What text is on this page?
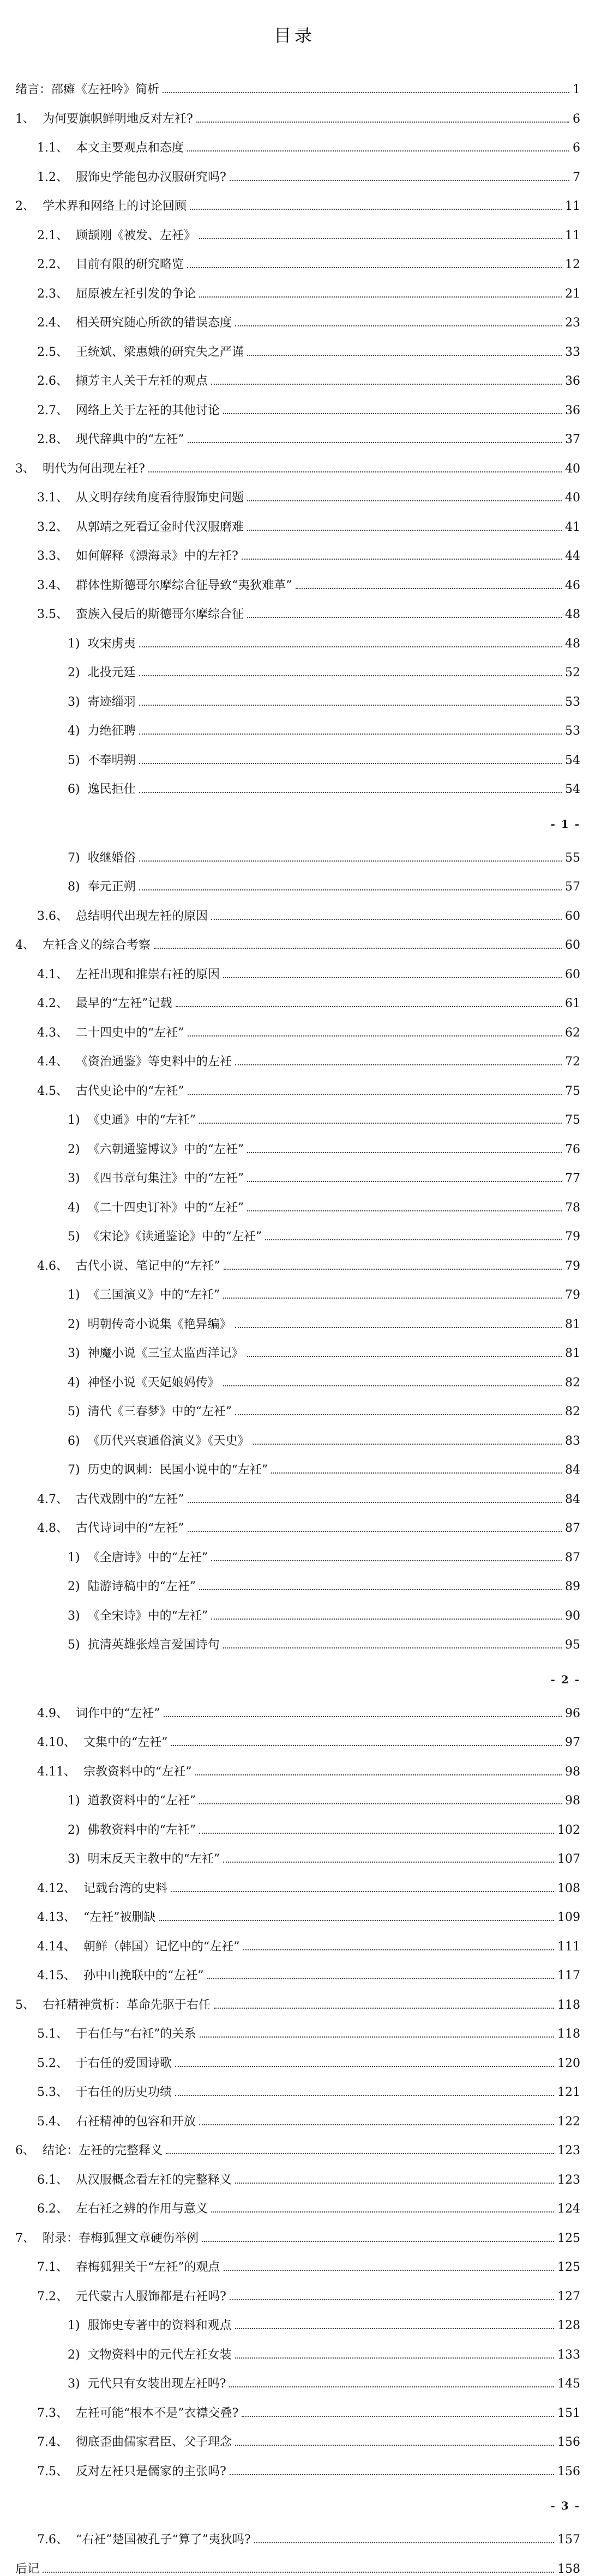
目录
绪言：邵瘫《左衽吟》简析	1
1、 为何要旗帜鲜明地反对左衽?	6
1.1、 本文主要观点和态度	6
1.2、 服饰史学能包办汉服研究吗?	7
2、 学术界和网络上的讨论回顾	11
2.1、 顾颉刚《被发、左衽》	11
2.2、 目前有限的研究略览	12
2.3、 屈原被左衽引发的争论	21
2.4、 相关研究随心所欲的错误态度	23
2.5、 王统斌、梁惠娥的研究失之严谨	33
2.6、 撷芳主人关于左衽的观点	36
2.7、 网络上关于左衽的其他讨论	36
2.8、 现代辞典中的“左衽”	37
3、 明代为何出现左衽?	40
3.1、 从文明存续角度看待服饰史问题	40
3.2、 从郭靖之死看辽金时代汉服磨难	41
3.3、 如何解释《漂海录》中的左衽?	44
3.4、 群体性斯德哥尔摩综合征导致“夷狄难革”	46
3.5、 蛮族入侵后的斯德哥尔摩综合征	48
1) 攻宋虏夷	48
2) 北投元廷	52
3) 寄迹缁羽	53
4) 力绝征聘	53
5) 不奉明朔	54
6) 逸民拒仕	54
7) 收继婚俗	55
8) 奉元正朔	57
3.6、 总结明代出现左衽的原因	60
4、 左衽含义的综合考察	60
4.1、 左衽出现和推崇右衽的原因	60
4.2、 最早的“左衽”记载	61
4.3、 二十四史中的“左衽”	62
4.4、 《资治通鉴》等史料中的左衽	72
4.5、 古代史论中的“左衽”	75
1) 《史通》中的“左衽”	75
2) 《六朝通鉴博议》中的“左衽”	76
3) 《四书章句集注》中的“左衽”	77
4) 《二十四史订补》中的“左衽”	78
5) 《宋论》《读通鉴论》中的“左衽”	79
4.6、 古代小说、笔记中的“左衽”	79
1) 《三国演义》中的“左衽”	79
2) 明朝传奇小说集《艳异编》	81
3) 神魔小说《三宝太监西洋记》	81
4) 神怪小说《天妃娘妈传》	82
5) 清代《三春梦》中的“左衽”	82
6) 《历代兴衰通俗演义》《天史》	83
7) 历史的讽刺：民国小说中的“左衽”	84
4.7、 古代戏剧中的“左衽”	84
4.8、 古代诗词中的“左衽”	87
1) 《全唐诗》中的“左衽”	87
2) 陆游诗稿中的“左衽”	89
3) 《全宋诗》中的“左衽”	90
5) 抗清英雄张煌言爱国诗句	95
4.9、 词作中的“左衽”	96
4.10、 文集中的“左衽”	97
4.11、 宗教资料中的“左衽”	98
1) 道教资料中的“左衽”	98
2) 佛教资料中的“左衽”	102
3) 明末反天主教中的“左衽”	107
4.12、 记载台湾的史料	108
4.13、 “左衽”被删缺	109
4.14、 朝鲜（韩国）记忆中的“左衽”	111
4.15、 孙中山挽联中的“左衽”	117
5、 右衽精神赏析：革命先驱于右任	118
5.1、 于右任与“右衽”的关系	118
5.2、 于右任的爱国诗歌	120
5.3、 于右任的历史功绩	121
5.4、 右衽精神的包容和开放	122
6、 结论：左衽的完整释义	123
6.1、 从汉服概念看左衽的完整释义	123
6.2、 左右衽之辨的作用与意义	124
7、 附录：春梅狐狸文章硬伤举例	125
7.1、 春梅狐狸关于“左衽”的观点	125
7.2、 元代蒙古人服饰都是右衽吗?	127
1) 服饰史专著中的资料和观点	128
2) 文物资料中的元代左衽女装	133
3) 元代只有女装出现左衽吗?	145
7.3、 左衽可能“根本不是”衣襟交叠?	151
7.4、 彻底歪曲儒家君臣、父子理念	156
7.5、 反对左衽只是儒家的主张吗?	156
7.6、 “右衽”楚国被孔子“算了”夷狄吗?	157
后记	158
- 1 -
- 2 -
- 3 -
